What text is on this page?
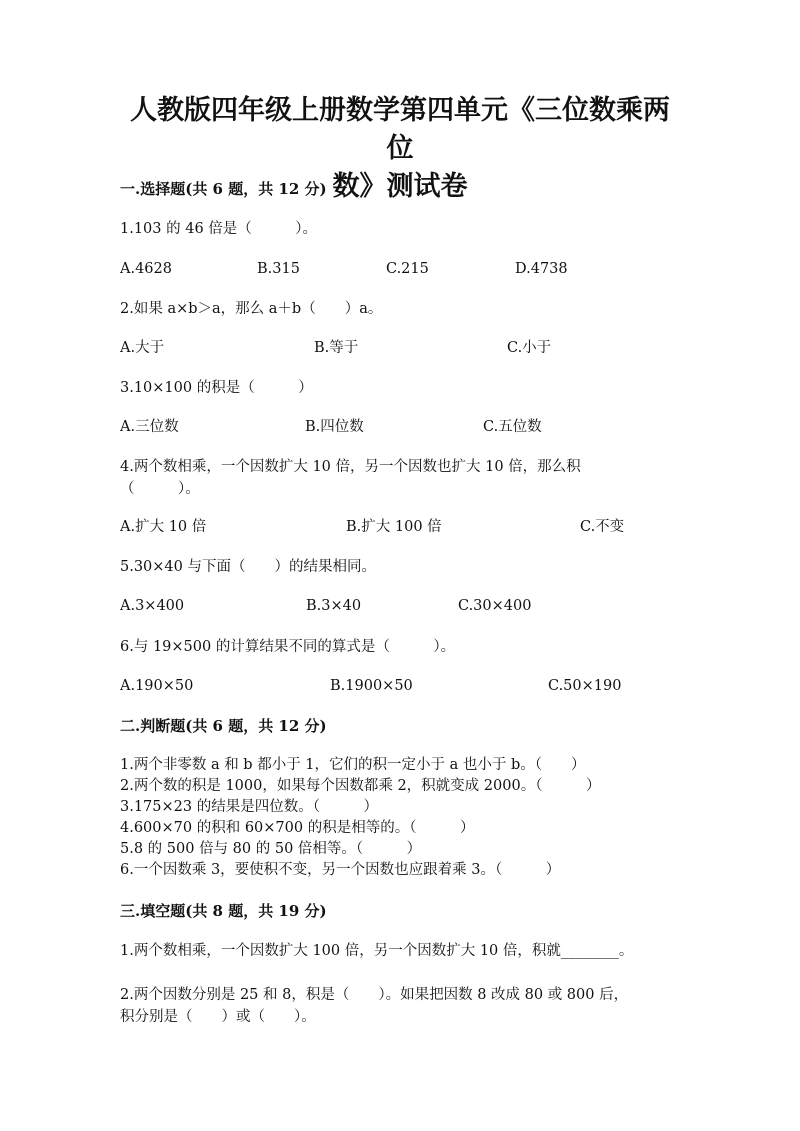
人教版四年级上册数学第四单元《三位数乘两位
数》测试卷
一.选择题(共 6 题，共 12 分)
1.103 的 46 倍是（　　　）。
A.4628	B.315	C.215	D.4738
2.如果 a×b＞a，那么 a＋b（　　）a。
A.大于	B.等于	C.小于
3.10×100 的积是（　　　）
A.三位数	B.四位数	C.五位数
4.两个数相乘，一个因数扩大 10 倍，另一个因数也扩大 10 倍，那么积
（　　　）。
A.扩大 10 倍	B.扩大 100 倍	C.不变
5.30×40 与下面（　　）的结果相同。
A.3×400	B.3×40	C.30×400
6.与 19×500 的计算结果不同的算式是（　　　）。
A.190×50	B.1900×50	C.50×190
二.判断题(共 6 题，共 12 分)
1.两个非零数 a 和 b 都小于 1，它们的积一定小于 a 也小于 b。（　　）
2.两个数的积是 1000，如果每个因数都乘 2，积就变成 2000。（　　　）
3.175×23 的结果是四位数。（　　　）
4.600×70 的积和 60×700 的积是相等的。（　　　）
5.8 的 500 倍与 80 的 50 倍相等。（　　　）
6.一个因数乘 3，要使积不变，另一个因数也应跟着乘 3。（　　　）
三.填空题(共 8 题，共 19 分)
1.两个数相乘，一个因数扩大 100 倍，另一个因数扩大 10 倍，积就________。
2.两个因数分别是 25 和 8，积是（　　）。如果把因数 8 改成 80 或 800 后，
积分别是（　　）或（　　）。
